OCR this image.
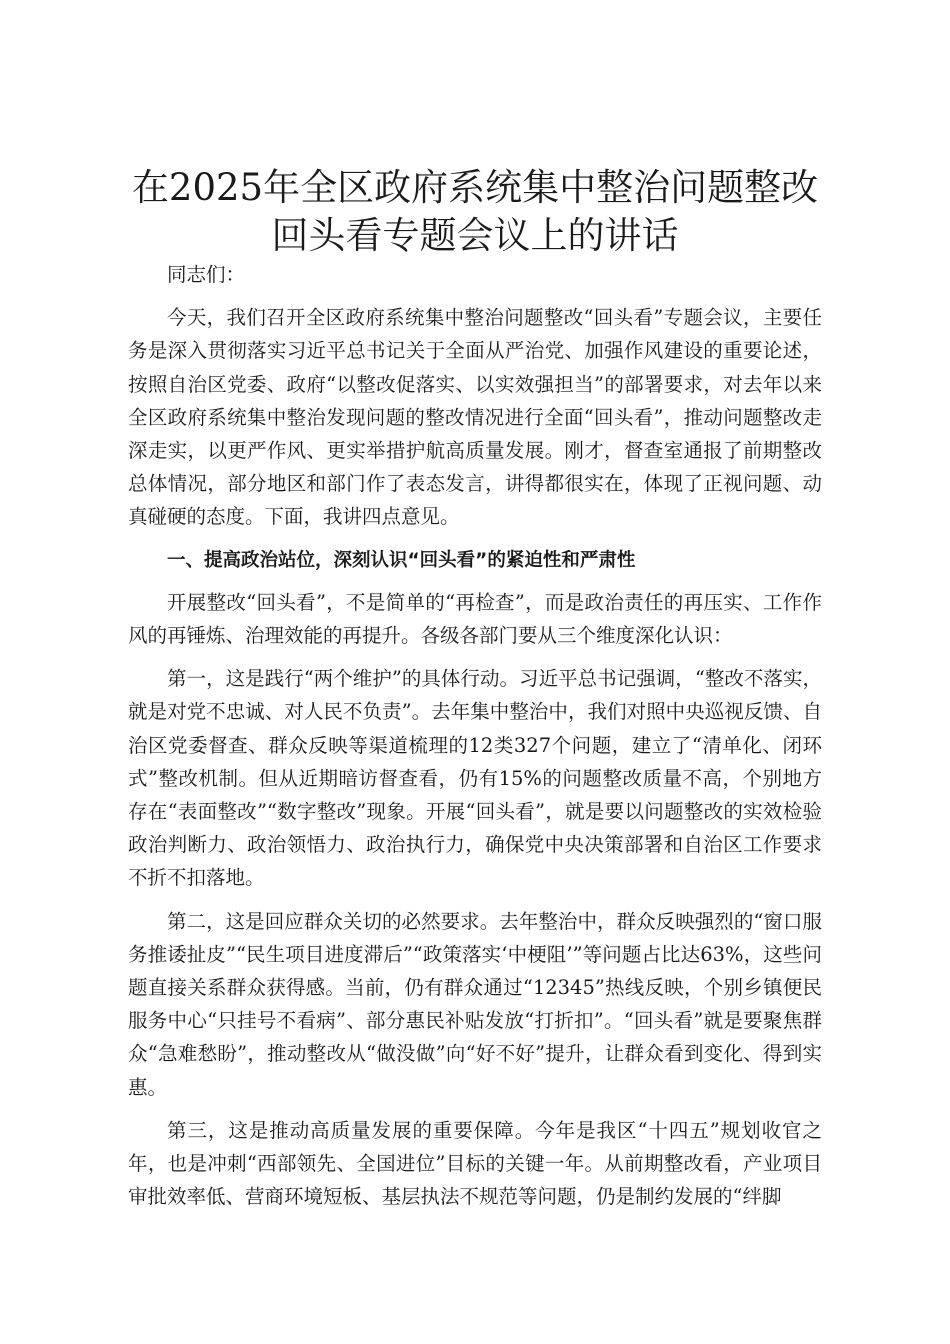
在2025年全区政府系统集中整治问题整改回头看专题会议上的讲话

同志们：

今天，我们召开全区政府系统集中整治问题整改“回头看”专题会议，主要任务是深入贯彻落实习近平总书记关于全面从严治党、加强作风建设的重要论述，按照自治区党委、政府“以整改促落实、以实效强担当”的部署要求，对去年以来全区政府系统集中整治发现问题的整改情况进行全面“回头看”，推动问题整改走深走实，以更严作风、更实举措护航高质量发展。刚才，督查室通报了前期整改总体情况，部分地区和部门作了表态发言，讲得都很实在，体现了正视问题、动真碰硬的态度。下面，我讲四点意见。

一、提高政治站位，深刻认识“回头看”的紧迫性和严肃性

开展整改“回头看”，不是简单的“再检查”，而是政治责任的再压实、工作作风的再锤炼、治理效能的再提升。各级各部门要从三个维度深化认识：

第一，这是践行“两个维护”的具体行动。习近平总书记强调，“整改不落实，就是对党不忠诚、对人民不负责”。去年集中整治中，我们对照中央巡视反馈、自治区党委督查、群众反映等渠道梳理的12类327个问题，建立了“清单化、闭环式”整改机制。但从近期暗访督查看，仍有15%的问题整改质量不高，个别地方存在“表面整改”“数字整改”现象。开展“回头看”，就是要以问题整改的实效检验政治判断力、政治领悟力、政治执行力，确保党中央决策部署和自治区工作要求不折不扣落地。

第二，这是回应群众关切的必然要求。去年整治中，群众反映强烈的“窗口服务推诿扯皮”“民生项目进度滞后”“政策落实‘中梗阻’”等问题占比达63%，这些问题直接关系群众获得感。当前，仍有群众通过“12345”热线反映，个别乡镇便民服务中心“只挂号不看病”、部分惠民补贴发放“打折扣”。“回头看”就是要聚焦群众“急难愁盼”，推动整改从“做没做”向“好不好”提升，让群众看到变化、得到实惠。

第三，这是推动高质量发展的重要保障。今年是我区“十四五”规划收官之年，也是冲刺“西部领先、全国进位”目标的关键一年。从前期整改看，产业项目审批效率低、营商环境短板、基层执法不规范等问题，仍是制约发展的“绊脚
